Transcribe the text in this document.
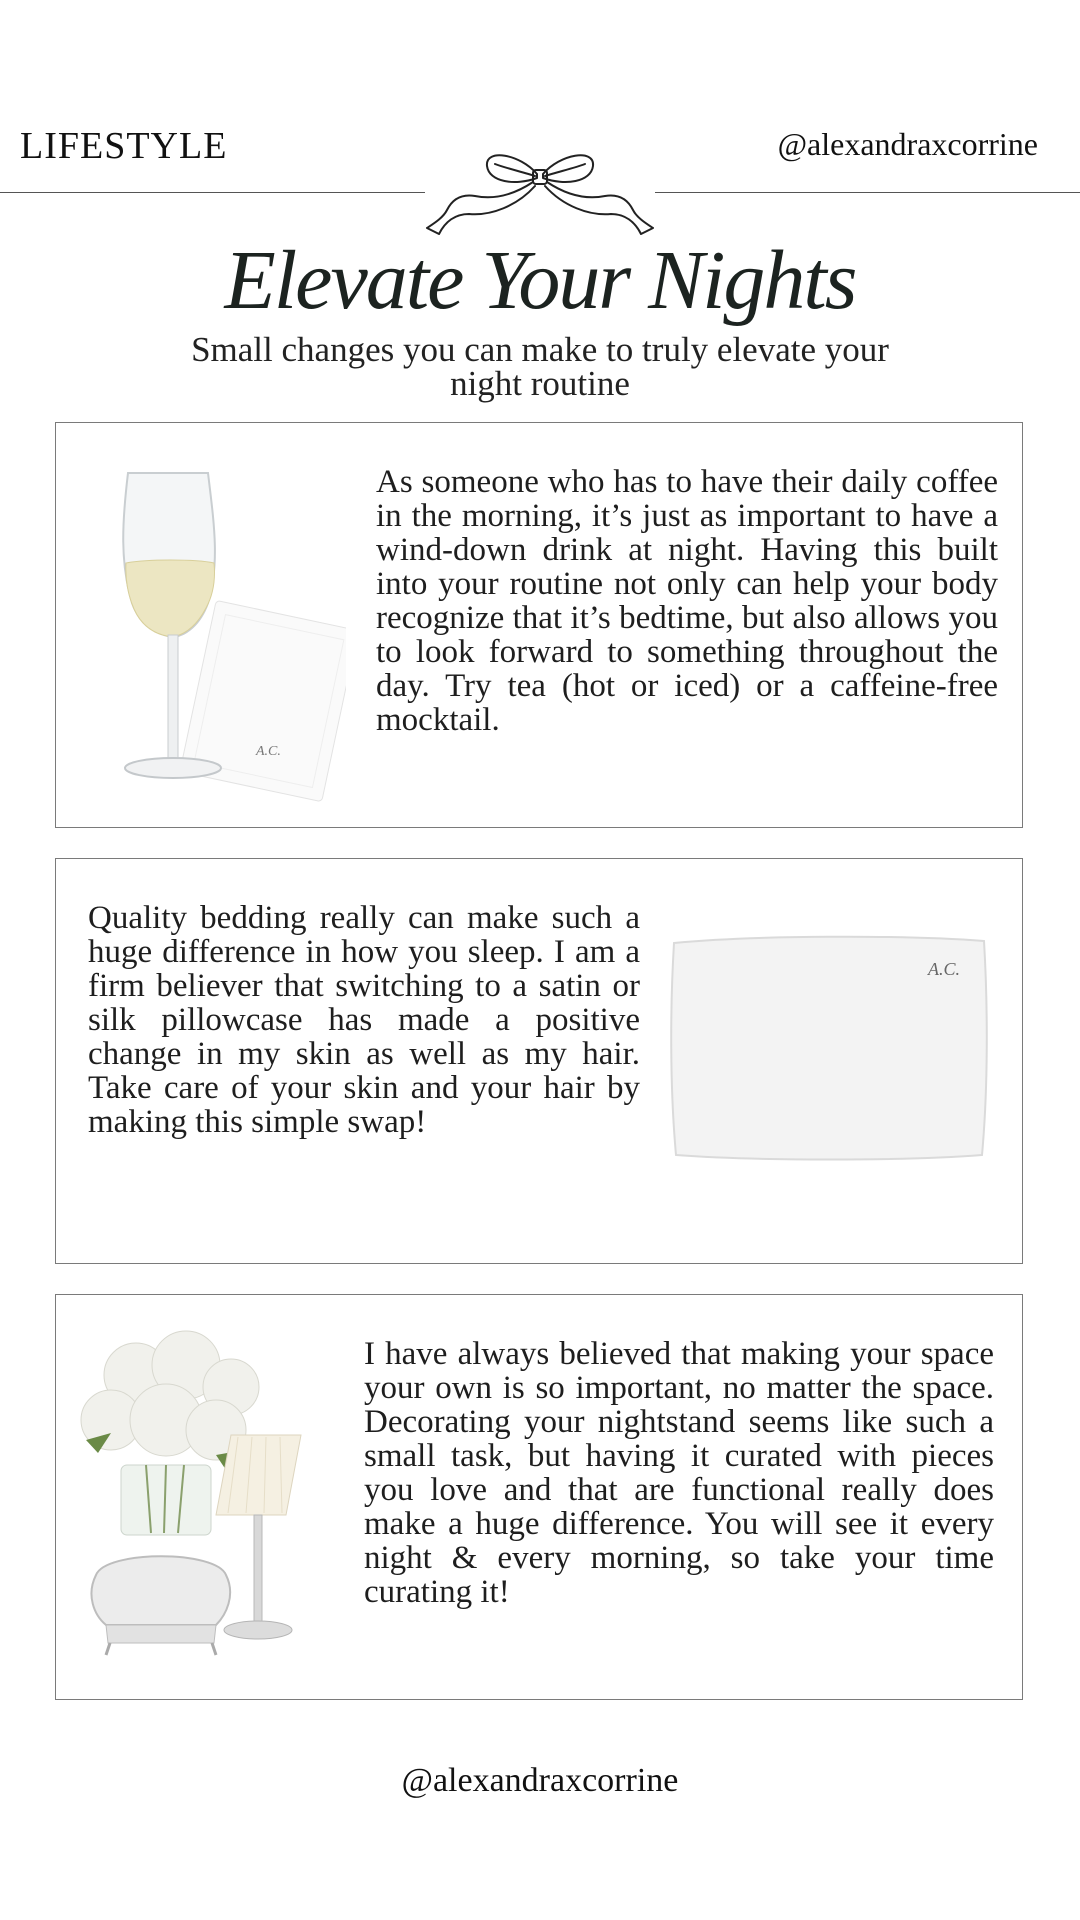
LIFESTYLE	@alexandraxcorrine
Elevate Your Nights
Small changes you can make to truly elevate your night routine
A.C.
As someone who has to have their daily coffee in the morning, it’s just as important to have a wind-down drink at night. Having this built into your routine not only can help your body recognize that it’s bedtime, but also allows you to look forward to something throughout the day. Try tea (hot or iced) or a caffeine-free mocktail.
Quality bedding really can make such a huge difference in how you sleep. I am a firm believer that switching to a satin or silk pillowcase has made a positive change in my skin as well as my hair. Take care of your skin and your hair by making this simple swap!
A.C.
I have always believed that making your space your own is so important, no matter the space. Decorating your nightstand seems like such a small task, but having it curated with pieces you love and that are functional really does make a huge difference. You will see it every night & every morning, so take your time curating it!
@alexandraxcorrine
